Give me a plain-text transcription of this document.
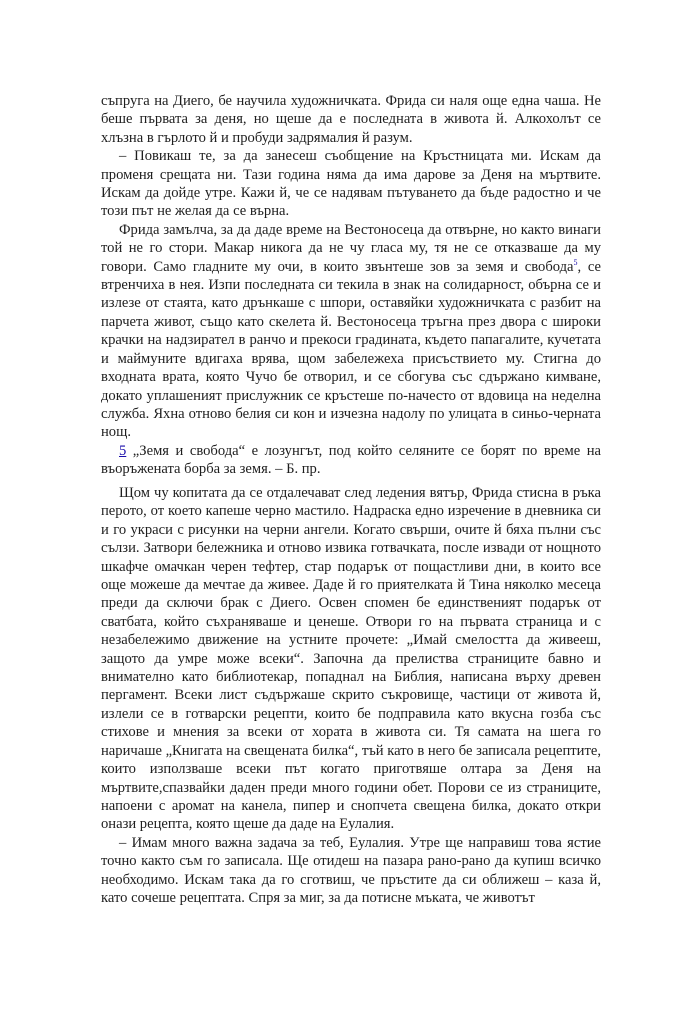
съпруга на Диего, бе научила художничката. Фрида си наля още една чаша. Не беше първата за деня, но щеше да е последната в живота й. Алкохолът се хлъзна в гърлото й и пробуди задрямалия й разум.

– Повикаш те, за да занесеш съобщение на Кръстницата ми. Искам да променя срещата ни. Тази година няма да има дарове за Деня на мъртвите. Искам да дойде утре. Кажи й, че се надявам пътуването да бъде радостно и че този път не желая да се върна.

Фрида замълча, за да даде време на Вестоносеца да отвърне, но както винаги той не го стори. Макар никога да не чу гласа му, тя не се отказваше да му говори. Само гладните му очи, в които звънтеше зов за земя и свобода$^5$, се втренчиха в нея. Изпи последната си текила в знак на солидарност, обърна се и излезе от стаята, като дрънкаше с шпори, оставяйки художничката с разбит на парчета живот, също като скелета й. Вестоносеца тръгна през двора с широки крачки на надзирател в ранчо и прекоси градината, където папагалите, кучетата и маймуните вдигаха врява, щом забележеха присъствието му. Стигна до входната врата, която Чучо бе отворил, и се сбогува със сдържано кимване, докато уплашеният прислужник се кръстеше по-начесто от вдовица на неделна служба. Яхна отново белия си кон и изчезна надолу по улицата в синьо-черната нощ.

5 „Земя и свобода“ е лозунгът, под който селяните се борят по време на въоръжената борба за земя. – Б. пр.

Щом чу копитата да се отдалечават след ледения вятър, Фрида стисна в ръка перото, от което капеше черно мастило. Надраска едно изречение в дневника си и го украси с рисунки на черни ангели. Когато свърши, очите й бяха пълни със сълзи. Затвори бележника и отново извика готвачката, после извади от нощното шкафче омачкан черен тефтер, стар подарък от пощастливи дни, в които все още можеше да мечтае да живее. Даде й го приятелката й Тина няколко месеца преди да сключи брак с Диего. Освен спомен бе единственият подарък от сватбата, който съхраняваше и ценеше. Отвори го на първата страница и с незабележимо движение на устните прочете: „Имай смелостта да живееш, защото да умре може всеки“. Започна да прелиства страниците бавно и внимателно като библиотекар, попаднал на Библия, написана върху древен пергамент. Всеки лист съдържаше скрито съкровище, частици от живота й, излели се в готварски рецепти, които бе подправила като вкусна гозба със стихове и мнения за всеки от хората в живота си. Тя самата на шега го наричаше „Книгата на свещената билка“, тъй като в него бе записала рецептите, които използваше всеки път когато приготвяше олтара за Деня на мъртвите,спазвайки даден преди много години обет. Порови се из страниците, напоени с аромат на канела, пипер и снопчета свещена билка, докато откри онази рецепта, която щеше да даде на Еулалия.

– Имам много важна задача за теб, Еулалия. Утре ще направиш това ястие точно както съм го записала. Ще отидеш на пазара рано-рано да купиш всичко необходимо. Искам така да го сготвиш, че пръстите да си оближеш – каза й, като сочеше рецептата. Спря за миг, за да потисне мъката, че животът
